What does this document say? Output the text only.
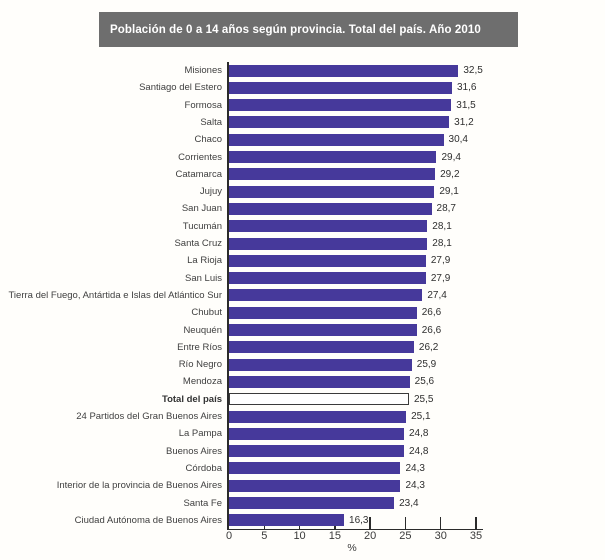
Población de 0 a 14 años según provincia. Total del país. Año 2010
Misiones	32,5
Santiago del Estero	31,6
Formosa	31,5
Salta	31,2
Chaco	30,4
Corrientes	29,4
Catamarca	29,2
Jujuy	29,1
San Juan	28,7
Tucumán	28,1
Santa Cruz	28,1
La Rioja	27,9
San Luis	27,9
Tierra del Fuego, Antártida e Islas del Atlántico Sur	27,4
Chubut	26,6
Neuquén	26,6
Entre Ríos	26,2
Río Negro	25,9
Mendoza	25,6
Total del país	25,5
24 Partidos del Gran Buenos Aires	25,1
La Pampa	24,8
Buenos Aires	24,8
Córdoba	24,3
Interior de la provincia de Buenos Aires	24,3
Santa Fe	23,4
Ciudad Autónoma de Buenos Aires	16,3
0	5	10	15	20	25	30	35
%
